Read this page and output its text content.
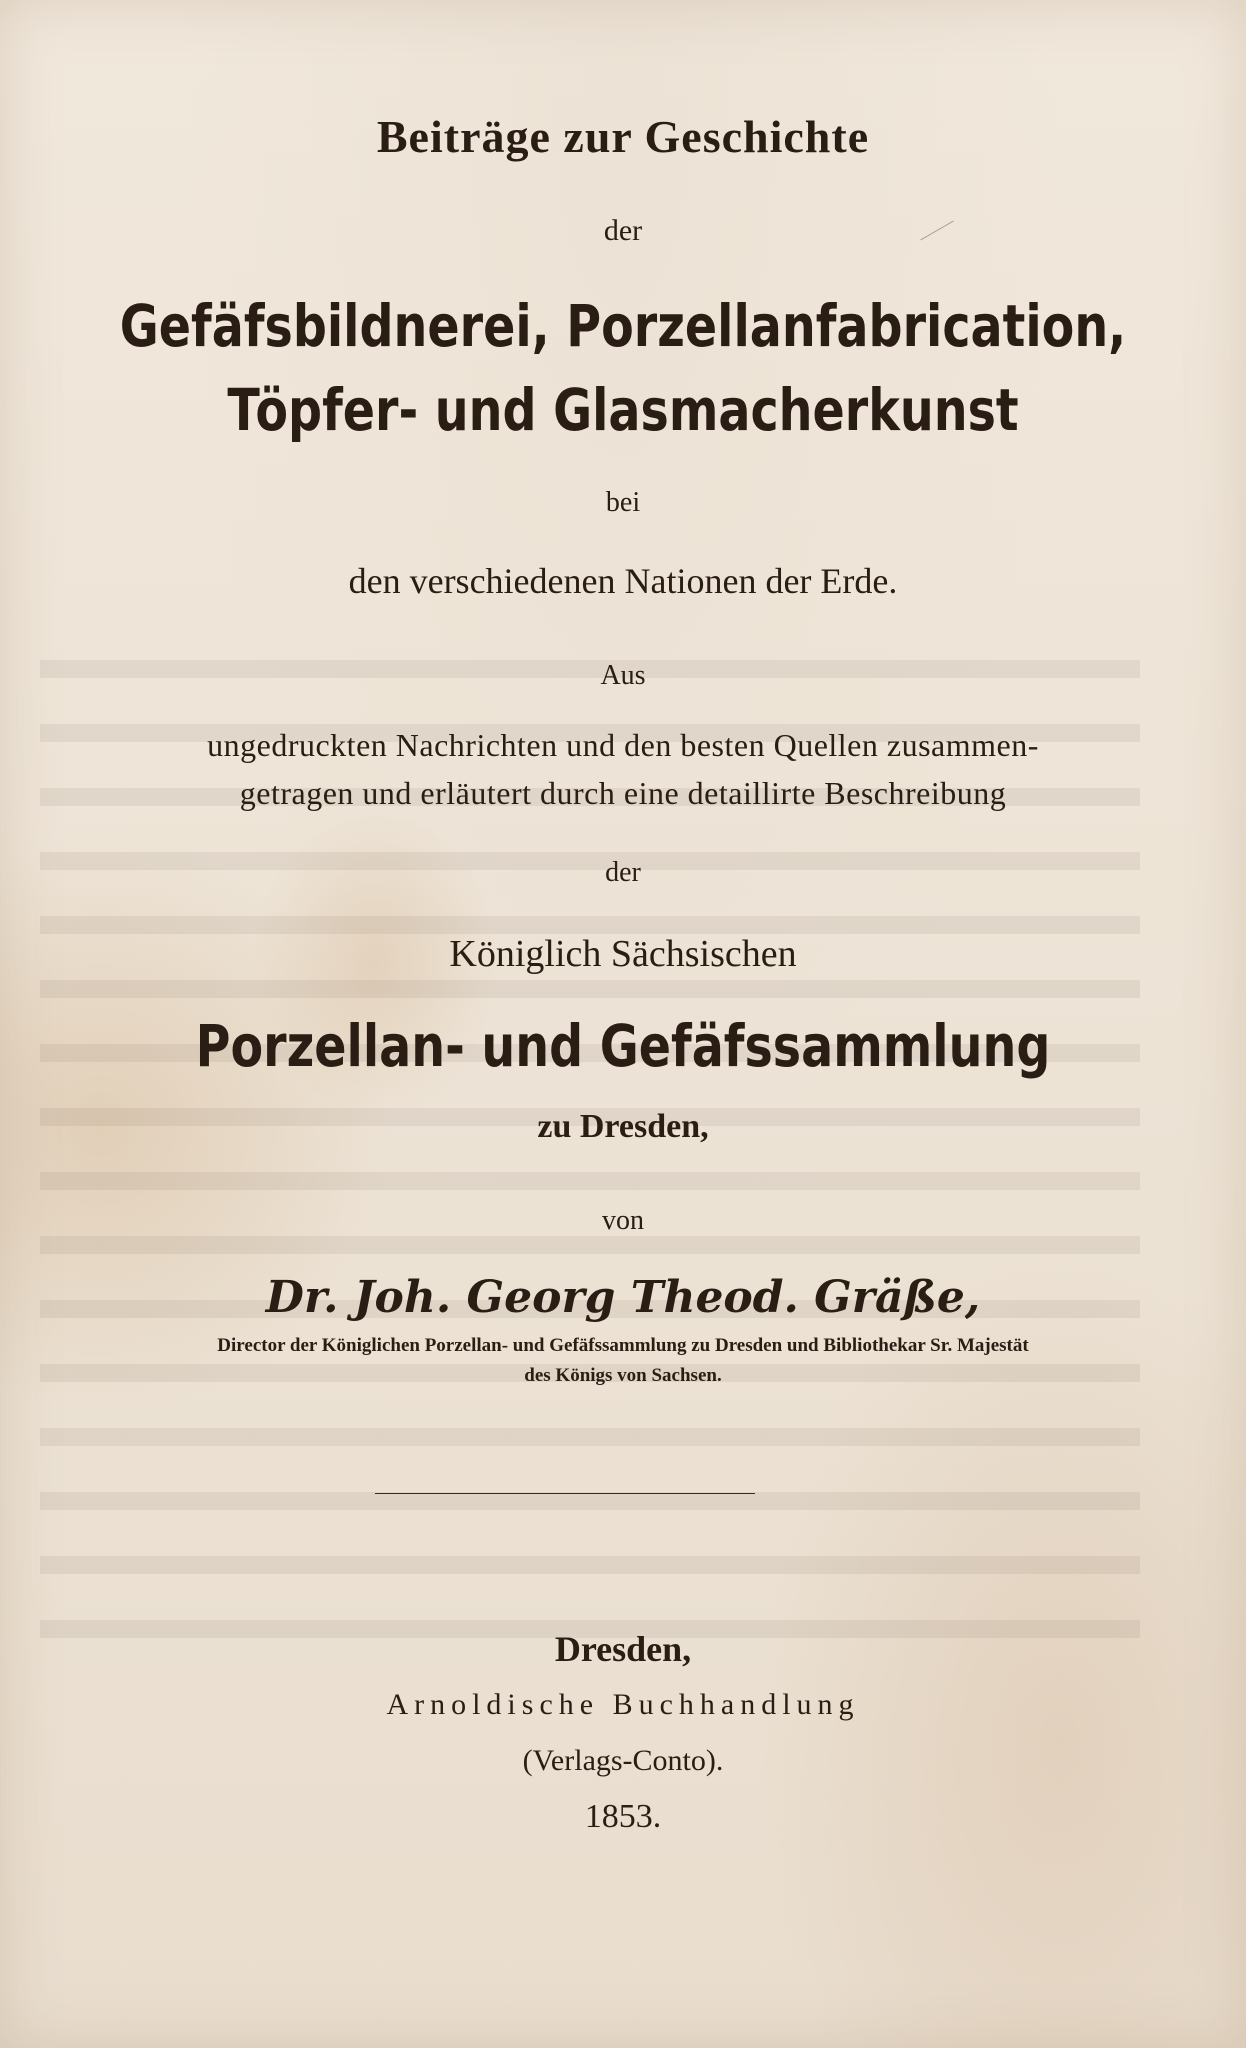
Beiträge zur Geschichte
der
Gefäfsbildnerei, Porzellanfabrication,
Töpfer- und Glasmacherkunst
bei
den verschiedenen Nationen der Erde.
Aus
ungedruckten Nachrichten und den besten Quellen zusammen-
getragen und erläutert durch eine detaillirte Beschreibung
der
Königlich Sächsischen
Porzellan- und Gefäfssammlung
zu Dresden,
von
Dr. Joh. Georg Theod. Gräße,
Director der Königlichen Porzellan- und Gefäfssammlung zu Dresden und Bibliothekar Sr. Majestät
des Königs von Sachsen.
Dresden,
Arnoldische Buchhandlung
(Verlags-Conto).
1853.
